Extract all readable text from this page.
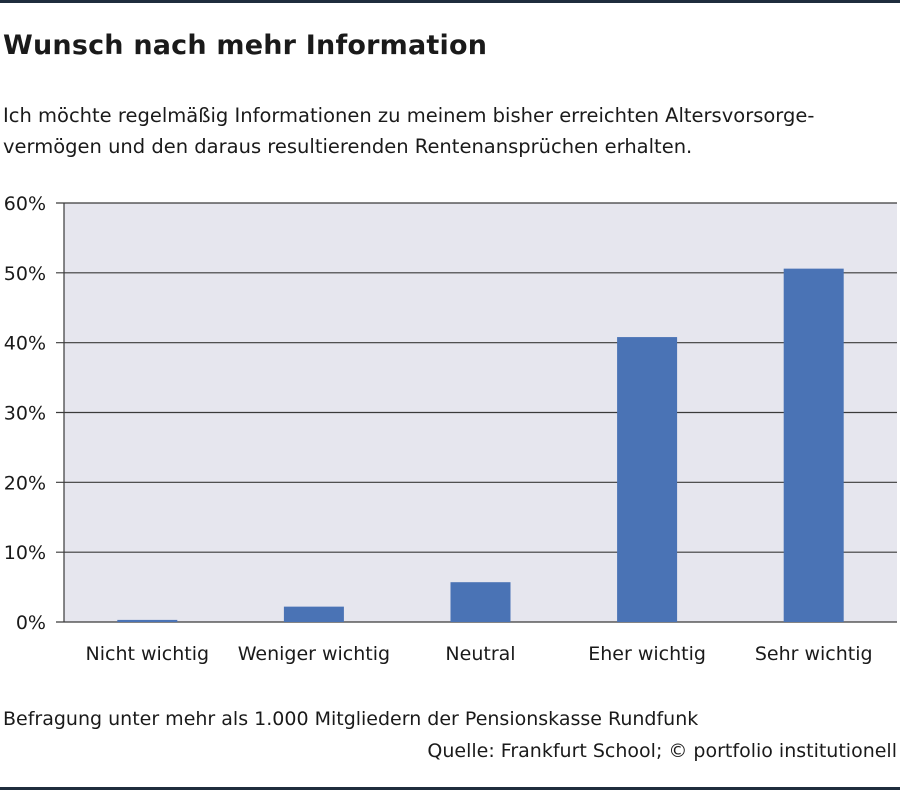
Wunsch nach mehr Information
Ich möchte regelmäßig Informationen zu meinem bisher erreichten Altersvorsorge-
vermögen und den daraus resultierenden Rentenansprüchen erhalten.
0%
10%
20%
30%
40%
50%
60%
Nicht wichtig Weniger wichtig	Neutral	Eher wichtig	Sehr wichtig
Befragung unter mehr als 1.000 Mitgliedern der Pensionskasse Rundfunk
Quelle: Frankfurt School; © portfolio institutionell
